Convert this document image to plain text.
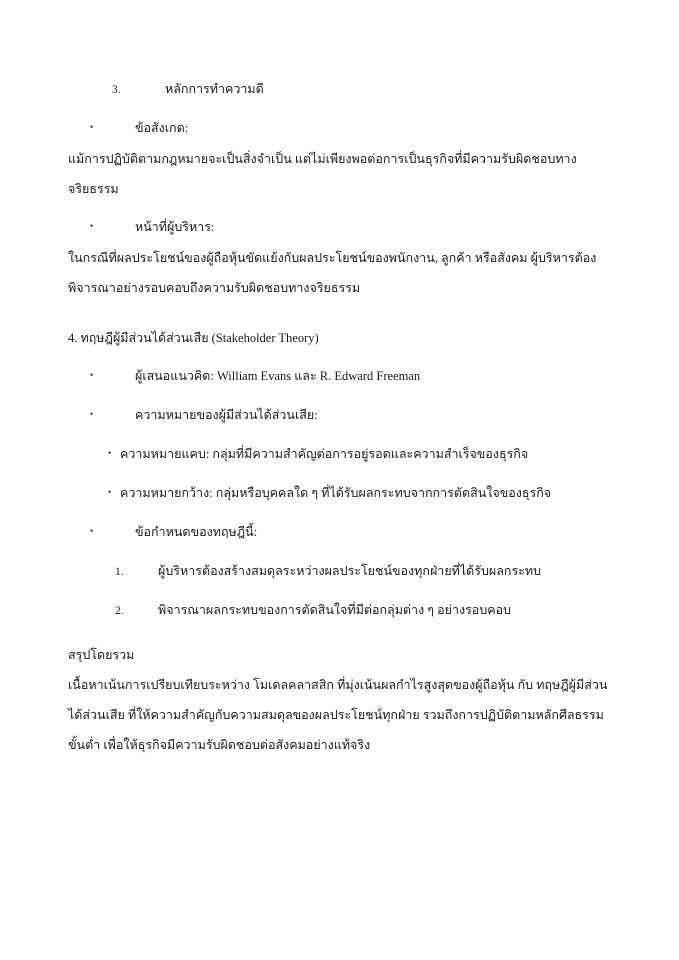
3.	หลักการทำความดี
•	ข้อสังเกต:

แม้การปฏิบัติตามกฎหมายจะเป็นสิ่งจำเป็น แต่ไม่เพียงพอต่อการเป็นธุรกิจที่มีความรับผิดชอบทางจริยธรรม

•	หน้าที่ผู้บริหาร:

ในกรณีที่ผลประโยชน์ของผู้ถือหุ้นขัดแย้งกับผลประโยชน์ของพนักงาน, ลูกค้า หรือสังคม ผู้บริหารต้องพิจารณาอย่างรอบคอบถึงความรับผิดชอบทางจริยธรรม

4. ทฤษฎีผู้มีส่วนได้ส่วนเสีย (Stakeholder Theory)

•	ผู้เสนอแนวคิด: William Evans และ R. Edward Freeman
•	ความหมายของผู้มีส่วนได้ส่วนเสีย:
• ความหมายแคบ: กลุ่มที่มีความสำคัญต่อการอยู่รอดและความสำเร็จของธุรกิจ
• ความหมายกว้าง: กลุ่มหรือบุคคลใด ๆ ที่ได้รับผลกระทบจากการตัดสินใจของธุรกิจ
•	ข้อกำหนดของทฤษฎีนี้:
1.	ผู้บริหารต้องสร้างสมดุลระหว่างผลประโยชน์ของทุกฝ่ายที่ได้รับผลกระทบ
2.	พิจารณาผลกระทบของการตัดสินใจที่มีต่อกลุ่มต่าง ๆ อย่างรอบคอบ

สรุปโดยรวม

เนื้อหาเน้นการเปรียบเทียบระหว่าง โมเดลคลาสสิก ที่มุ่งเน้นผลกำไรสูงสุดของผู้ถือหุ้น กับ ทฤษฎีผู้มีส่วนได้ส่วนเสีย ที่ให้ความสำคัญกับความสมดุลของผลประโยชน์ทุกฝ่าย รวมถึงการปฏิบัติตามหลักศีลธรรมขั้นต่ำ เพื่อให้ธุรกิจมีความรับผิดชอบต่อสังคมอย่างแท้จริง
